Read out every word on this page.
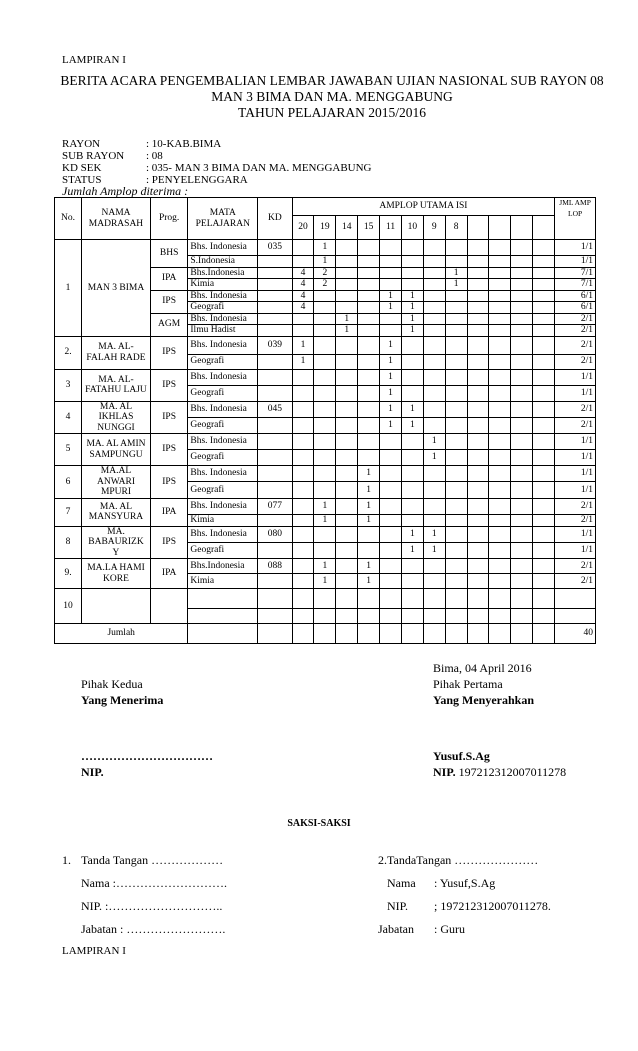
LAMPIRAN I
BERITA ACARA PENGEMBALIAN LEMBAR JAWABAN UJIAN NASIONAL SUB RAYON 08
MAN 3 BIMA DAN MA. MENGGABUNG
TAHUN PELAJARAN 2015/2016
RAYON	: 10-KAB.BIMA
SUB RAYON : 08
KD SEK	: 035- MAN 3 BIMA DAN MA. MENGGABUNG
STATUS	: PENYELENGGARA
Jumlah Amplop diterima :
No.	NAMA MADRASAH	Prog.	MATA PELAJARAN	KD	AMPLOP UTAMA ISI												JML AMP LOP
					20	19	14	15	11	10	9	8					
1	MAN 3 BIMA	BHS	Bhs. Indonesia	035		1											1/1
			S.Indonesia			1											1/1
		IPA	Bhs.Indonesia		4	2						1					7/1
			Kimia		4	2						1					7/1
		IPS	Bhs. Indonesia		4				1	1							6/1
			Geografi		4				1	1							6/1
		AGM	Bhs. Indonesia				1			1							2/1
			Ilmu Hadist				1			1							2/1
2.	MA. AL-FALAH RADE	IPS	Bhs. Indonesia	039	1				1								2/1
			Geografi		1				1								2/1
3	MA. AL-FATAHU LAJU	IPS	Bhs. Indonesia						1								1/1
			Geografi						1								1/1
4	MA. AL IKHLAS NUNGGI	IPS	Bhs. Indonesia	045					1	1							2/1
			Geografi						1	1							2/1
5	MA. AL AMIN SAMPUNGU	IPS	Bhs. Indonesia								1						1/1
			Geografi								1						1/1
6	MA.AL ANWARI MPURI	IPS	Bhs. Indonesia					1									1/1
			Geografi					1									1/1
7	MA. AL MANSYURA	IPA	Bhs. Indonesia	077		1		1									2/1
			Kimia			1		1									2/1
8	MA. BABAURIZK Y	IPS	Bhs. Indonesia	080						1	1						1/1
			Geografi							1	1						1/1
9.	MA.LA HAMI KORE	IPA	Bhs.Indonesia	088		1		1									2/1
			Kimia			1		1									2/1
10																	

Jumlah																	40
Bima, 04 April 2016
Pihak Kedua
Yang Menerima
Pihak Pertama
Yang Menyerahkan
……………………………
NIP.
Yusuf.S.Ag
NIP. 197212312007011278
SAKSI-SAKSI
1. Tanda Tangan ………………
Nama :……………………….
NIP. :………………………..
Jabatan : …………………….
2.TandaTangan …………………
Nama : Yusuf,S.Ag
NIP. ; 197212312007011278.
Jabatan : Guru
LAMPIRAN I
